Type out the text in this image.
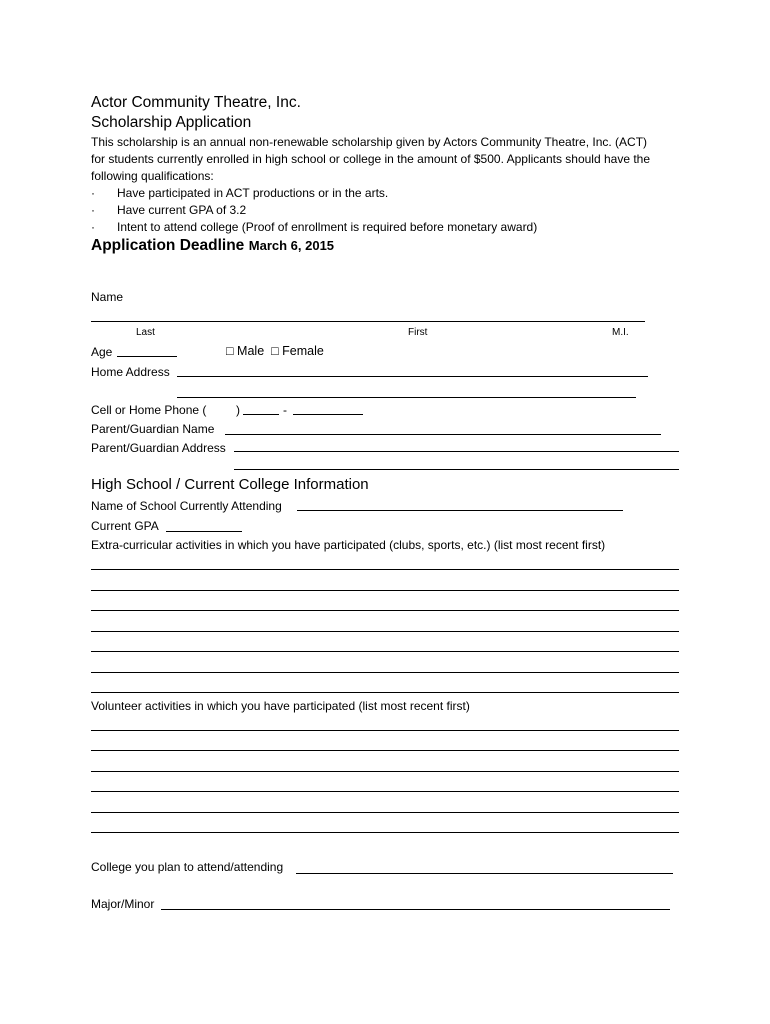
Actor Community Theatre, Inc.
Scholarship Application
This scholarship is an annual non-renewable scholarship given by Actors Community Theatre, Inc. (ACT)
for students currently enrolled in high school or college in the amount of $500. Applicants should have the
following qualifications:
· Have participated in ACT productions or in the arts.
· Have current GPA of 3.2
· Intent to attend college (Proof of enrollment is required before monetary award)
Application Deadline March 6, 2015
Name
Last	First	M.I.
Age	□ Male □ Female
Home Address
Cell or Home Phone ( )	-
Parent/Guardian Name
Parent/Guardian Address
High School / Current College Information
Name of School Currently Attending
Current GPA
Extra-curricular activities in which you have participated (clubs, sports, etc.) (list most recent first)
Volunteer activities in which you have participated (list most recent first)
College you plan to attend/attending
Major/Minor
